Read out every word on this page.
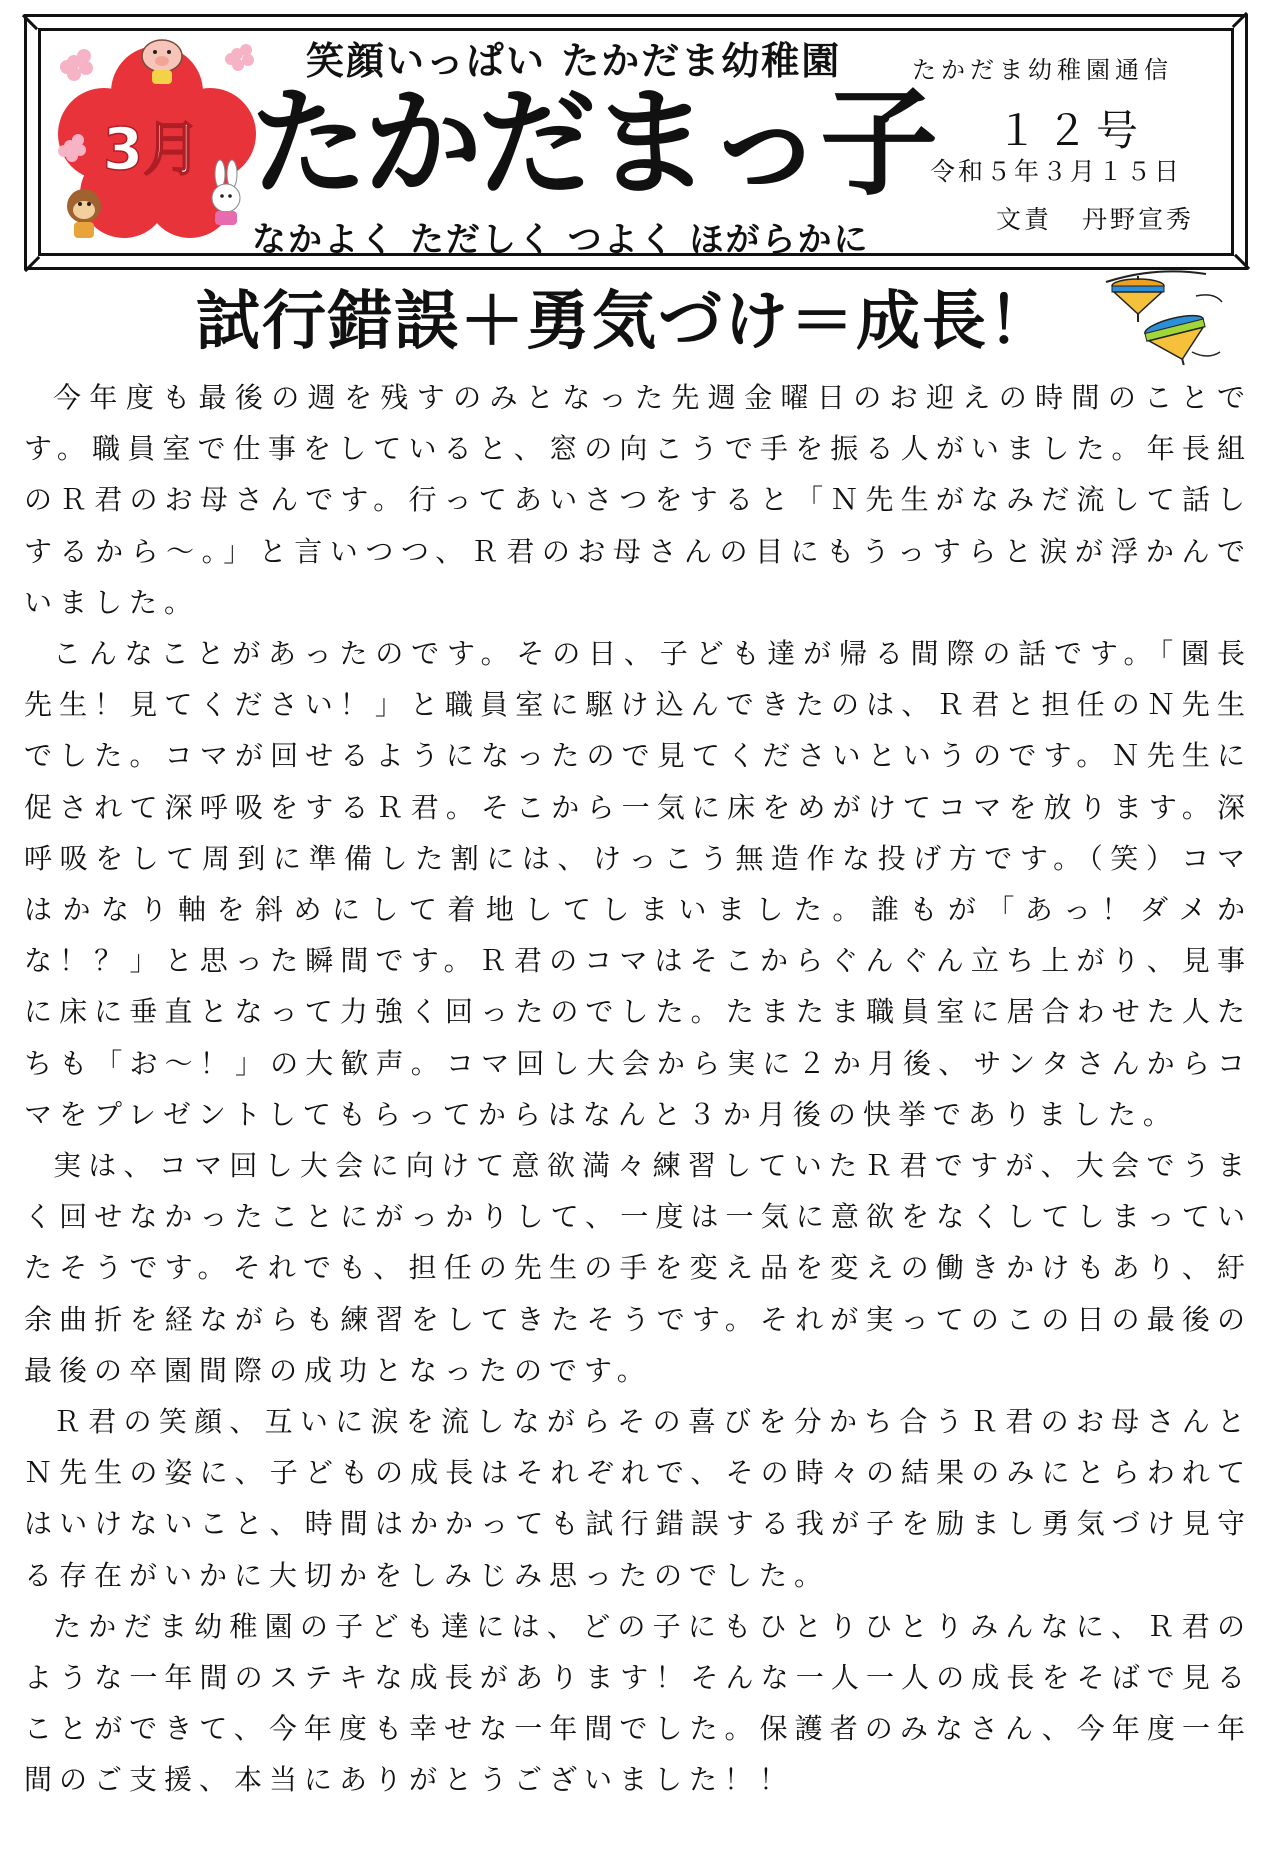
3月
笑顔いっぱい たかだま幼稚園
たかだまっ子
なかよく ただしく つよく ほがらかに
たかだま幼稚園通信
１２号
令和５年３月１５日
文責 丹野宣秀
試行錯誤＋勇気づけ＝成長！

今年度も最後の週を残すのみとなった先週金曜日のお迎えの時間のことです。職員室で仕事をしていると、窓の向こうで手を振る人がいました。年長組のＲ君のお母さんです。行ってあいさつをすると「Ｎ先生がなみだ流して話しするから～。」と言いつつ、Ｒ君のお母さんの目にもうっすらと涙が浮かんでいました。

こんなことがあったのです。その日、子ども達が帰る間際の話です。「園長先生！見てください！」と職員室に駆け込んできたのは、Ｒ君と担任のＮ先生でした。コマが回せるようになったので見てくださいというのです。Ｎ先生に促されて深呼吸をするＲ君。そこから一気に床をめがけてコマを放ります。深呼吸をして周到に準備した割には、けっこう無造作な投げ方です。（笑）コマはかなり軸を斜めにして着地してしまいました。誰もが「あっ！ダメかな！？」と思った瞬間です。Ｒ君のコマはそこからぐんぐん立ち上がり、見事に床に垂直となって力強く回ったのでした。たまたま職員室に居合わせた人たちも「お～！」の大歓声。コマ回し大会から実に２か月後、サンタさんからコマをプレゼントしてもらってからはなんと３か月後の快挙でありました。

実は、コマ回し大会に向けて意欲満々練習していたＲ君ですが、大会でうまく回せなかったことにがっかりして、一度は一気に意欲をなくしてしまっていたそうです。それでも、担任の先生の手を変え品を変えの働きかけもあり、紆余曲折を経ながらも練習をしてきたそうです。それが実ってのこの日の最後の最後の卒園間際の成功となったのです。

Ｒ君の笑顔、互いに涙を流しながらその喜びを分かち合うＲ君のお母さんとＮ先生の姿に、子どもの成長はそれぞれで、その時々の結果のみにとらわれてはいけないこと、時間はかかっても試行錯誤する我が子を励まし勇気づけ見守る存在がいかに大切かをしみじみ思ったのでした。

たかだま幼稚園の子ども達には、どの子にもひとりひとりみんなに、Ｒ君のような一年間のステキな成長があります！そんな一人一人の成長をそばで見ることができて、今年度も幸せな一年間でした。保護者のみなさん、今年度一年間のご支援、本当にありがとうございました！！
